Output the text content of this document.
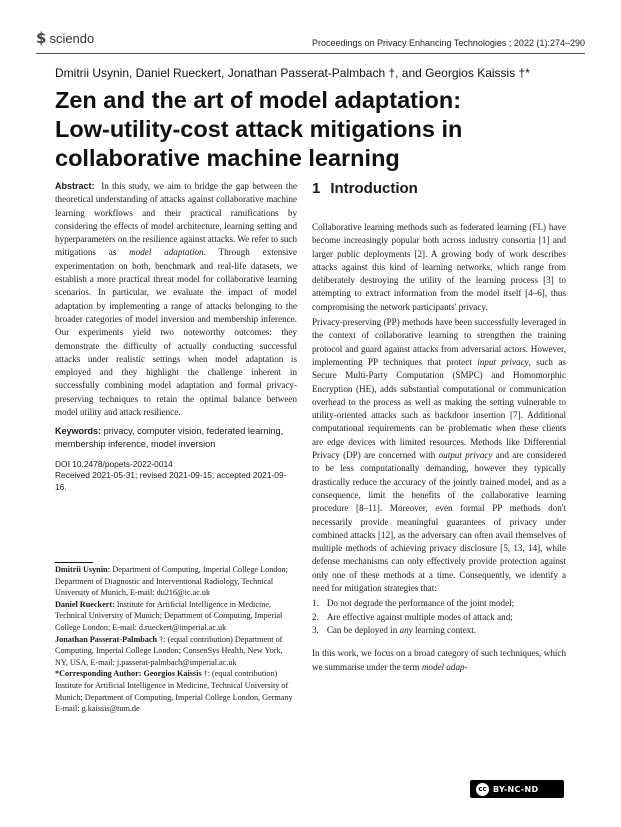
$ sciendo	Proceedings on Privacy Enhancing Technologies ; 2022 (1):274–290
Dmitrii Usynin, Daniel Rueckert, Jonathan Passerat-Palmbach †, and Georgios Kaissis †*
Zen and the art of model adaptation:
Low-utility-cost attack mitigations in
collaborative machine learning
Abstract: In this study, we aim to bridge the gap between the theoretical understanding of attacks against collaborative machine learning workflows and their practical ramifications by considering the effects of model architecture, learning setting and hyperparameters on the resilience against attacks. We refer to such mitigations as model adaptation. Through extensive experimentation on both, benchmark and real-life datasets, we establish a more practical threat model for collaborative learning scenarios. In particular, we evaluate the impact of model adaptation by implementing a range of attacks belonging to the broader categories of model inversion and membership inference. Our experiments yield two noteworthy outcomes: they demonstrate the difficulty of actually conducting successful attacks under realistic settings when model adaptation is employed and they highlight the challenge inherent in successfully combining model adaptation and formal privacy-preserving techniques to retain the optimal balance between model utility and attack resilience.
Keywords: privacy, computer vision, federated learning, membership inference, model inversion
DOI 10.2478/popets-2022-0014
Received 2021-05-31; revised 2021-09-15; accepted 2021-09-16.

Dmitrii Usynin: Department of Computing, Imperial College London; Department of Diagnostic and Interventional Radiology, Technical University of Munich, E-mail: du216@ic.ac.uk

Daniel Rueckert: Institute for Artificial Intelligence in Medicine, Technical University of Munich; Department of Computing, Imperial College London; E-mail: d.rueckert@imperial.ac.uk

Jonathan Passerat-Palmbach †: (equal contribution) Department of Computing, Imperial College London; ConsenSys Health, New York, NY, USA, E-mail: j.passerat-palmbach@imperial.ac.uk

*Corresponding Author: Georgios Kaissis †: (equal contribution) Institute for Artificial Intelligence in Medicine, Technical University of Munich; Department of Computing, Imperial College London, Germany E-mail: g.kaissis@tum.de

1 Introduction

Collaborative learning methods such as federated learning (FL) have become increasingly popular both across industry consortia [1] and larger public deployments [2]. A growing body of work describes attacks against this kind of learning networks, which range from deliberately destroying the utility of the learning process [3] to attempting to extract information from the model itself [4–6], thus compromising the network participants' privacy.

Privacy-preserving (PP) methods have been successfully leveraged in the context of collaborative learning to strengthen the training protocol and guard against attacks from adversarial actors. However, implementing PP techniques that protect input privacy, such as Secure Multi-Party Computation (SMPC) and Homomorphic Encryption (HE), adds substantial computational or communication overhead to the process as well as making the setting vulnerable to utility-oriented attacks such as backdoor insertion [7]. Additional computational requirements can be problematic when these clients are edge devices with limited resources. Methods like Differential Privacy (DP) are concerned with output privacy and are considered to be less computationally demanding, however they typically drastically reduce the accuracy of the jointly trained model, and as a consequence, limit the benefits of the collaborative learning procedure [8–11]. Moreover, even formal PP methods don't necessarily provide meaningful guarantees of privacy under combined attacks [12], as the adversary can often avail themselves of multiple methods of achieving privacy disclosure [5, 13, 14], while defense mechanisms can only effectively provide protection against only one of these methods at a time. Consequently, we identify a need for mitigation strategies that:

1. Do not degrade the performance of the joint model;
2. Are effective against multiple modes of attack and;
3. Can be deployed in any learning context.

In this work, we focus on a broad category of such techniques, which we summarise under the term model adap-

cc BY-NC-ND
